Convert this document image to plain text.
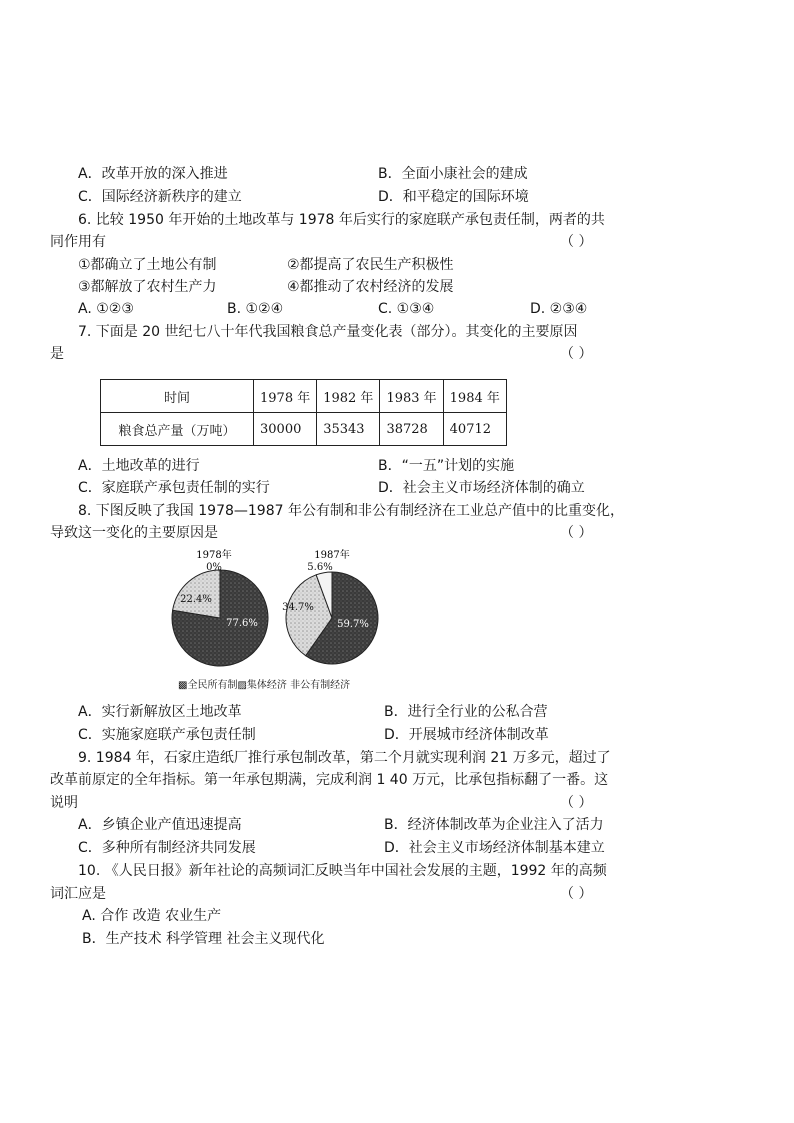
A．改革开放的深入推进	B．全面小康社会的建成
C．国际经济新秩序的建立	D．和平稳定的国际环境
6. 比较 1950 年开始的土地改革与 1978 年后实行的家庭联产承包责任制，两者的共
同作用有	（ ）
①都确立了土地公有制	②都提高了农民生产积极性
③都解放了农村生产力	④都推动了农村经济的发展
A. ①②③	B. ①②④	C. ①③④	D. ②③④
7. 下面是 20 世纪七八十年代我国粮食总产量变化表（部分）。其变化的主要原因
是	（ ）
时间	1978 年	1982 年	1983 年	1984 年
粮食总产量（万吨）	30000	35343	38728	40712
A．土地改革的进行	B．“一五”计划的实施
C．家庭联产承包责任制的实行	D．社会主义市场经济体制的确立
8. 下图反映了我国 1978—1987 年公有制和非公有制经济在工业总产值中的比重变化，
导致这一变化的主要原因是	（ ）
1978年	1987年
77.6%
22.4%
0%
59.7%
34.7%
5.6%
▩全民所有制▨集体经济 非公有制经济
A．实行新解放区土地改革	B．进行全行业的公私合营
C．实施家庭联产承包责任制	D．开展城市经济体制改革
9. 1984 年，石家庄造纸厂推行承包制改革，第二个月就实现利润 21 万多元，超过了
改革前原定的全年指标。第一年承包期满，完成利润 1 40 万元，比承包指标翻了一番。这
说明	（ ）
A．乡镇企业产值迅速提高	B．经济体制改革为企业注入了活力
C．多种所有制经济共同发展	D．社会主义市场经济体制基本建立
10. 《人民日报》新年社论的高频词汇反映当年中国社会发展的主题，1992 年的高频
词汇应是	（ ）
A. 合作 改造 农业生产
B．生产技术 科学管理 社会主义现代化
